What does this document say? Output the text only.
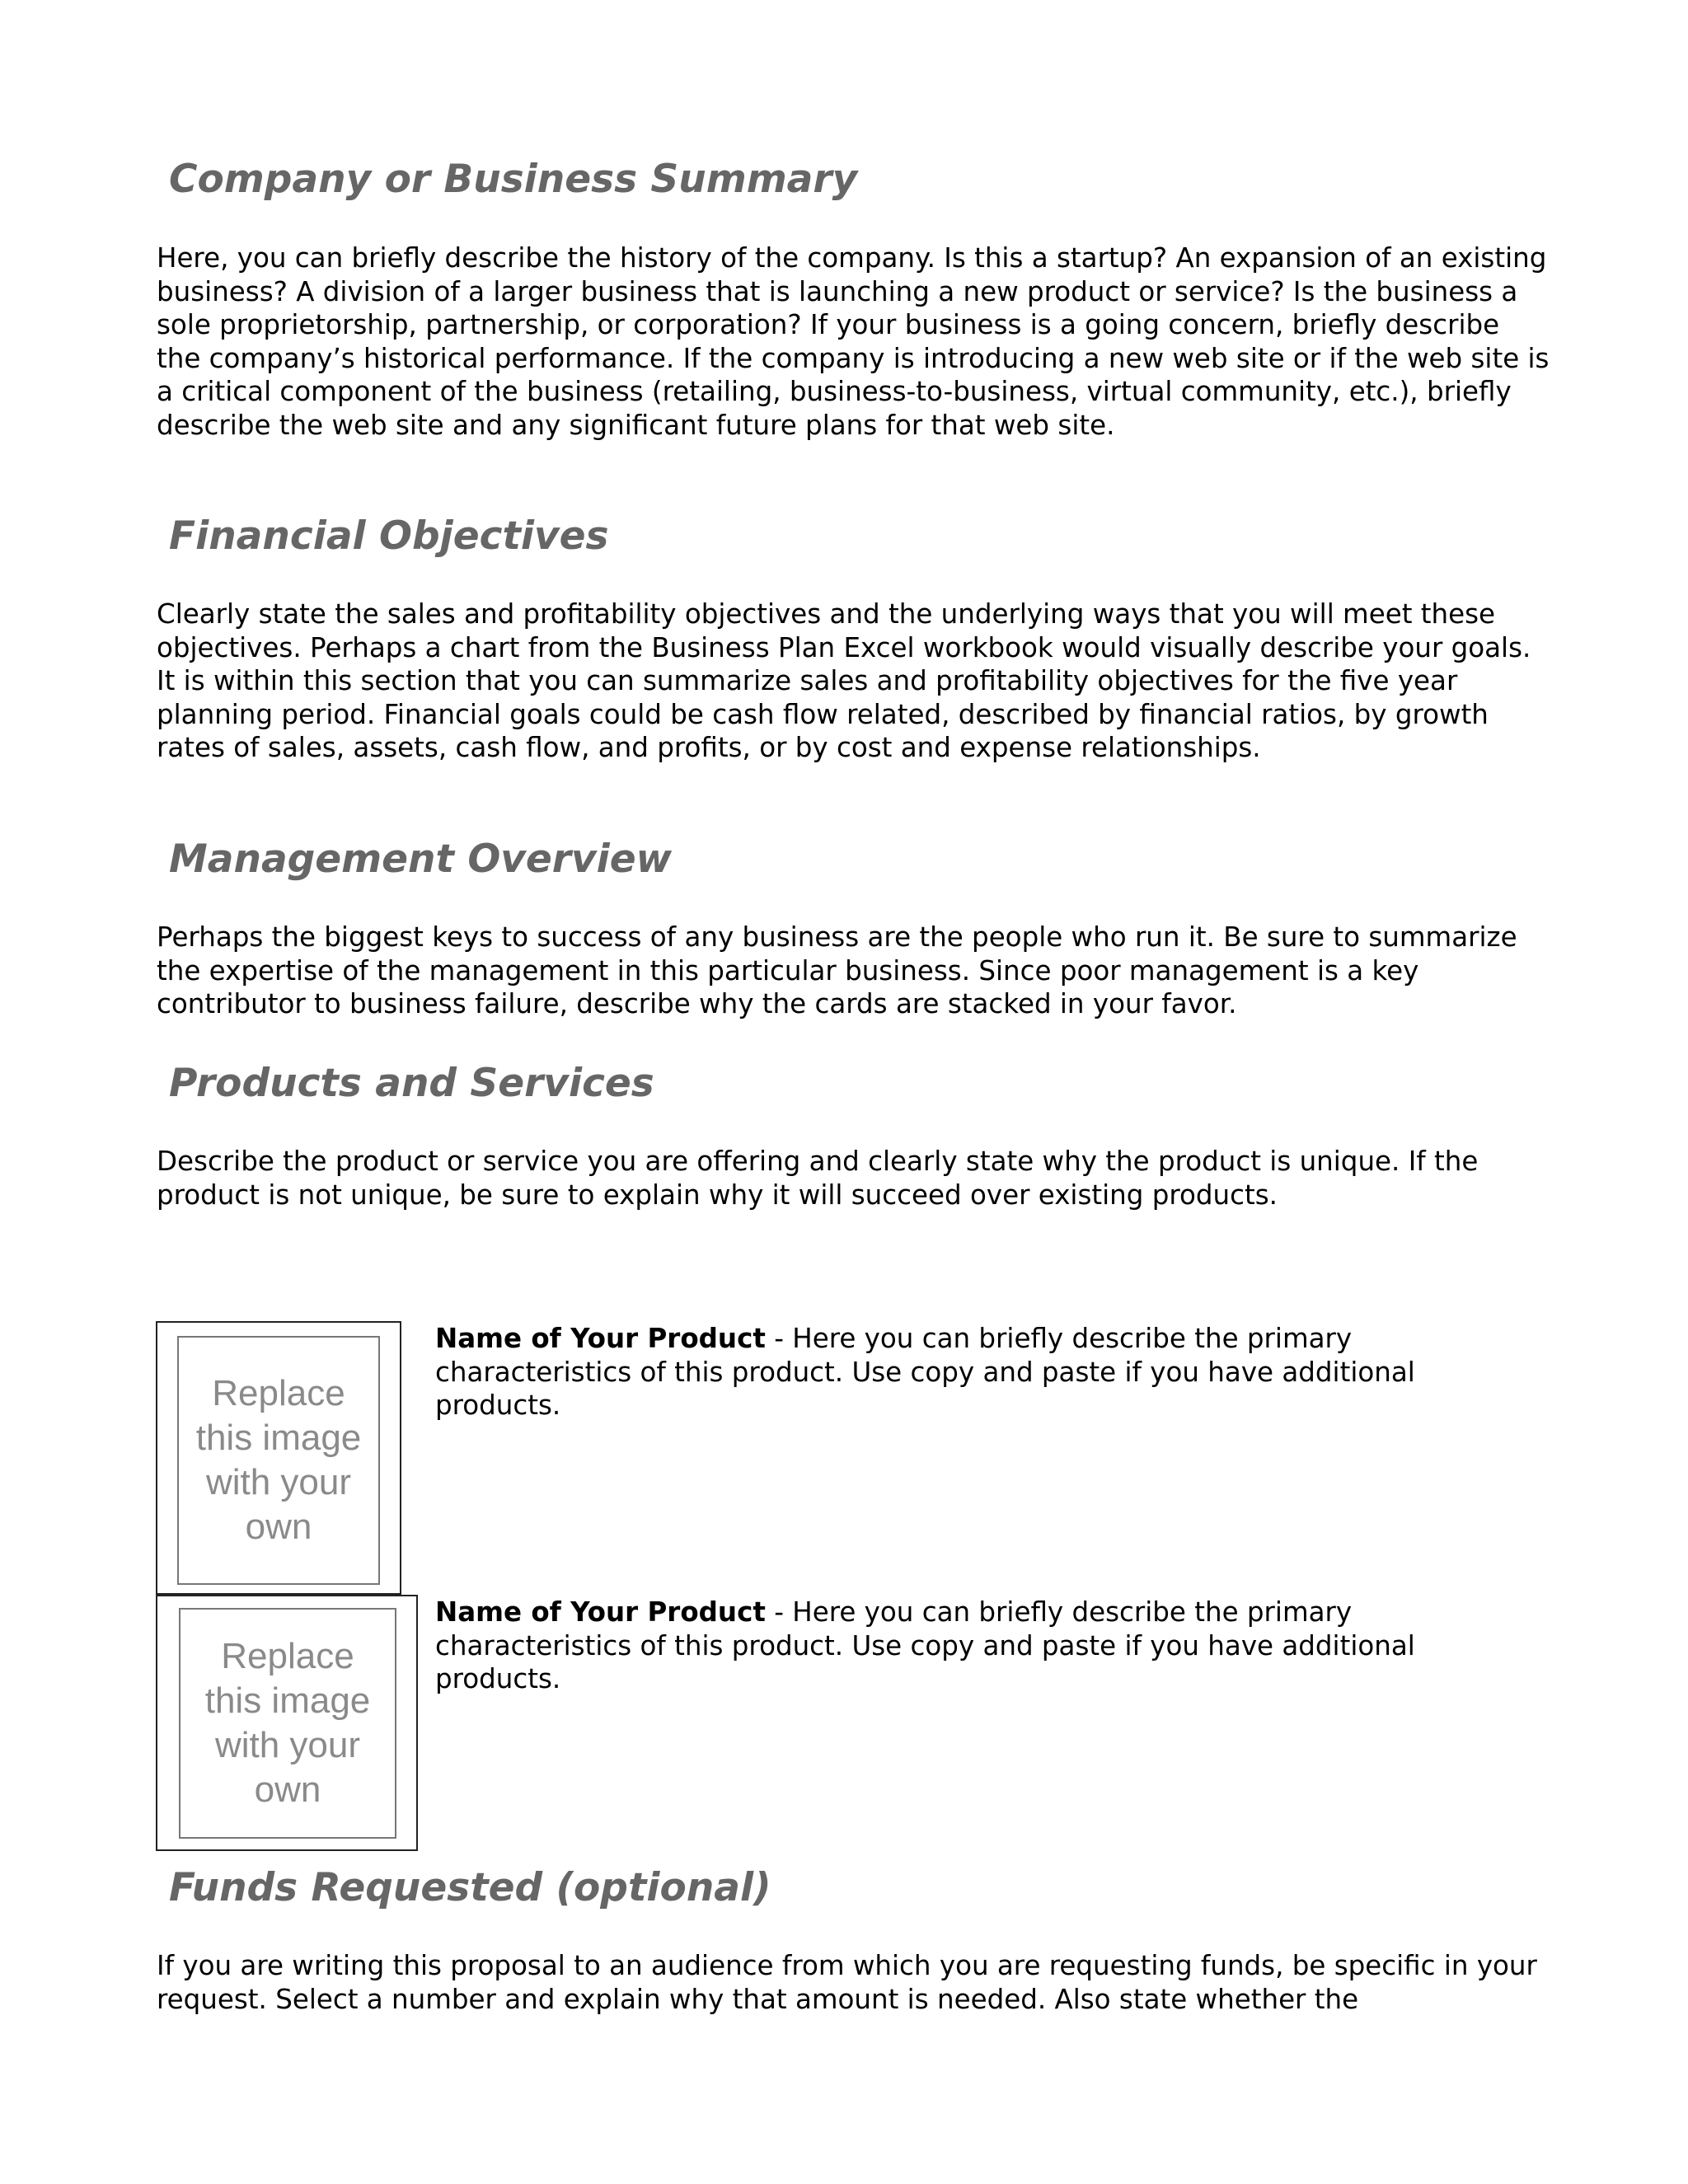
Company or Business Summary

Here, you can briefly describe the history of the company. Is this a startup? An expansion of an existing business? A division of a larger business that is launching a new product or service? Is the business a sole proprietorship, partnership, or corporation? If your business is a going concern, briefly describe the company’s historical performance. If the company is introducing a new web site or if the web site is a critical component of the business (retailing, business-to-business, virtual community, etc.), briefly describe the web site and any significant future plans for that web site.

Financial Objectives

Clearly state the sales and profitability objectives and the underlying ways that you will meet these objectives. Perhaps a chart from the Business Plan Excel workbook would visually describe your goals. It is within this section that you can summarize sales and profitability objectives for the five year planning period. Financial goals could be cash flow related, described by financial ratios, by growth rates of sales, assets, cash flow, and profits, or by cost and expense relationships.

Management Overview

Perhaps the biggest keys to success of any business are the people who run it. Be sure to summarize the expertise of the management in this particular business. Since poor management is a key contributor to business failure, describe why the cards are stacked in your favor.

Products and Services

Describe the product or service you are offering and clearly state why the product is unique. If the product is not unique, be sure to explain why it will succeed over existing products.

Replace this image with your own

Name of Your Product - Here you can briefly describe the primary characteristics of this product. Use copy and paste if you have additional products.

Replace this image with your own

Name of Your Product - Here you can briefly describe the primary characteristics of this product. Use copy and paste if you have additional products.

Funds Requested (optional)

If you are writing this proposal to an audience from which you are requesting funds, be specific in your request. Select a number and explain why that amount is needed. Also state whether the
